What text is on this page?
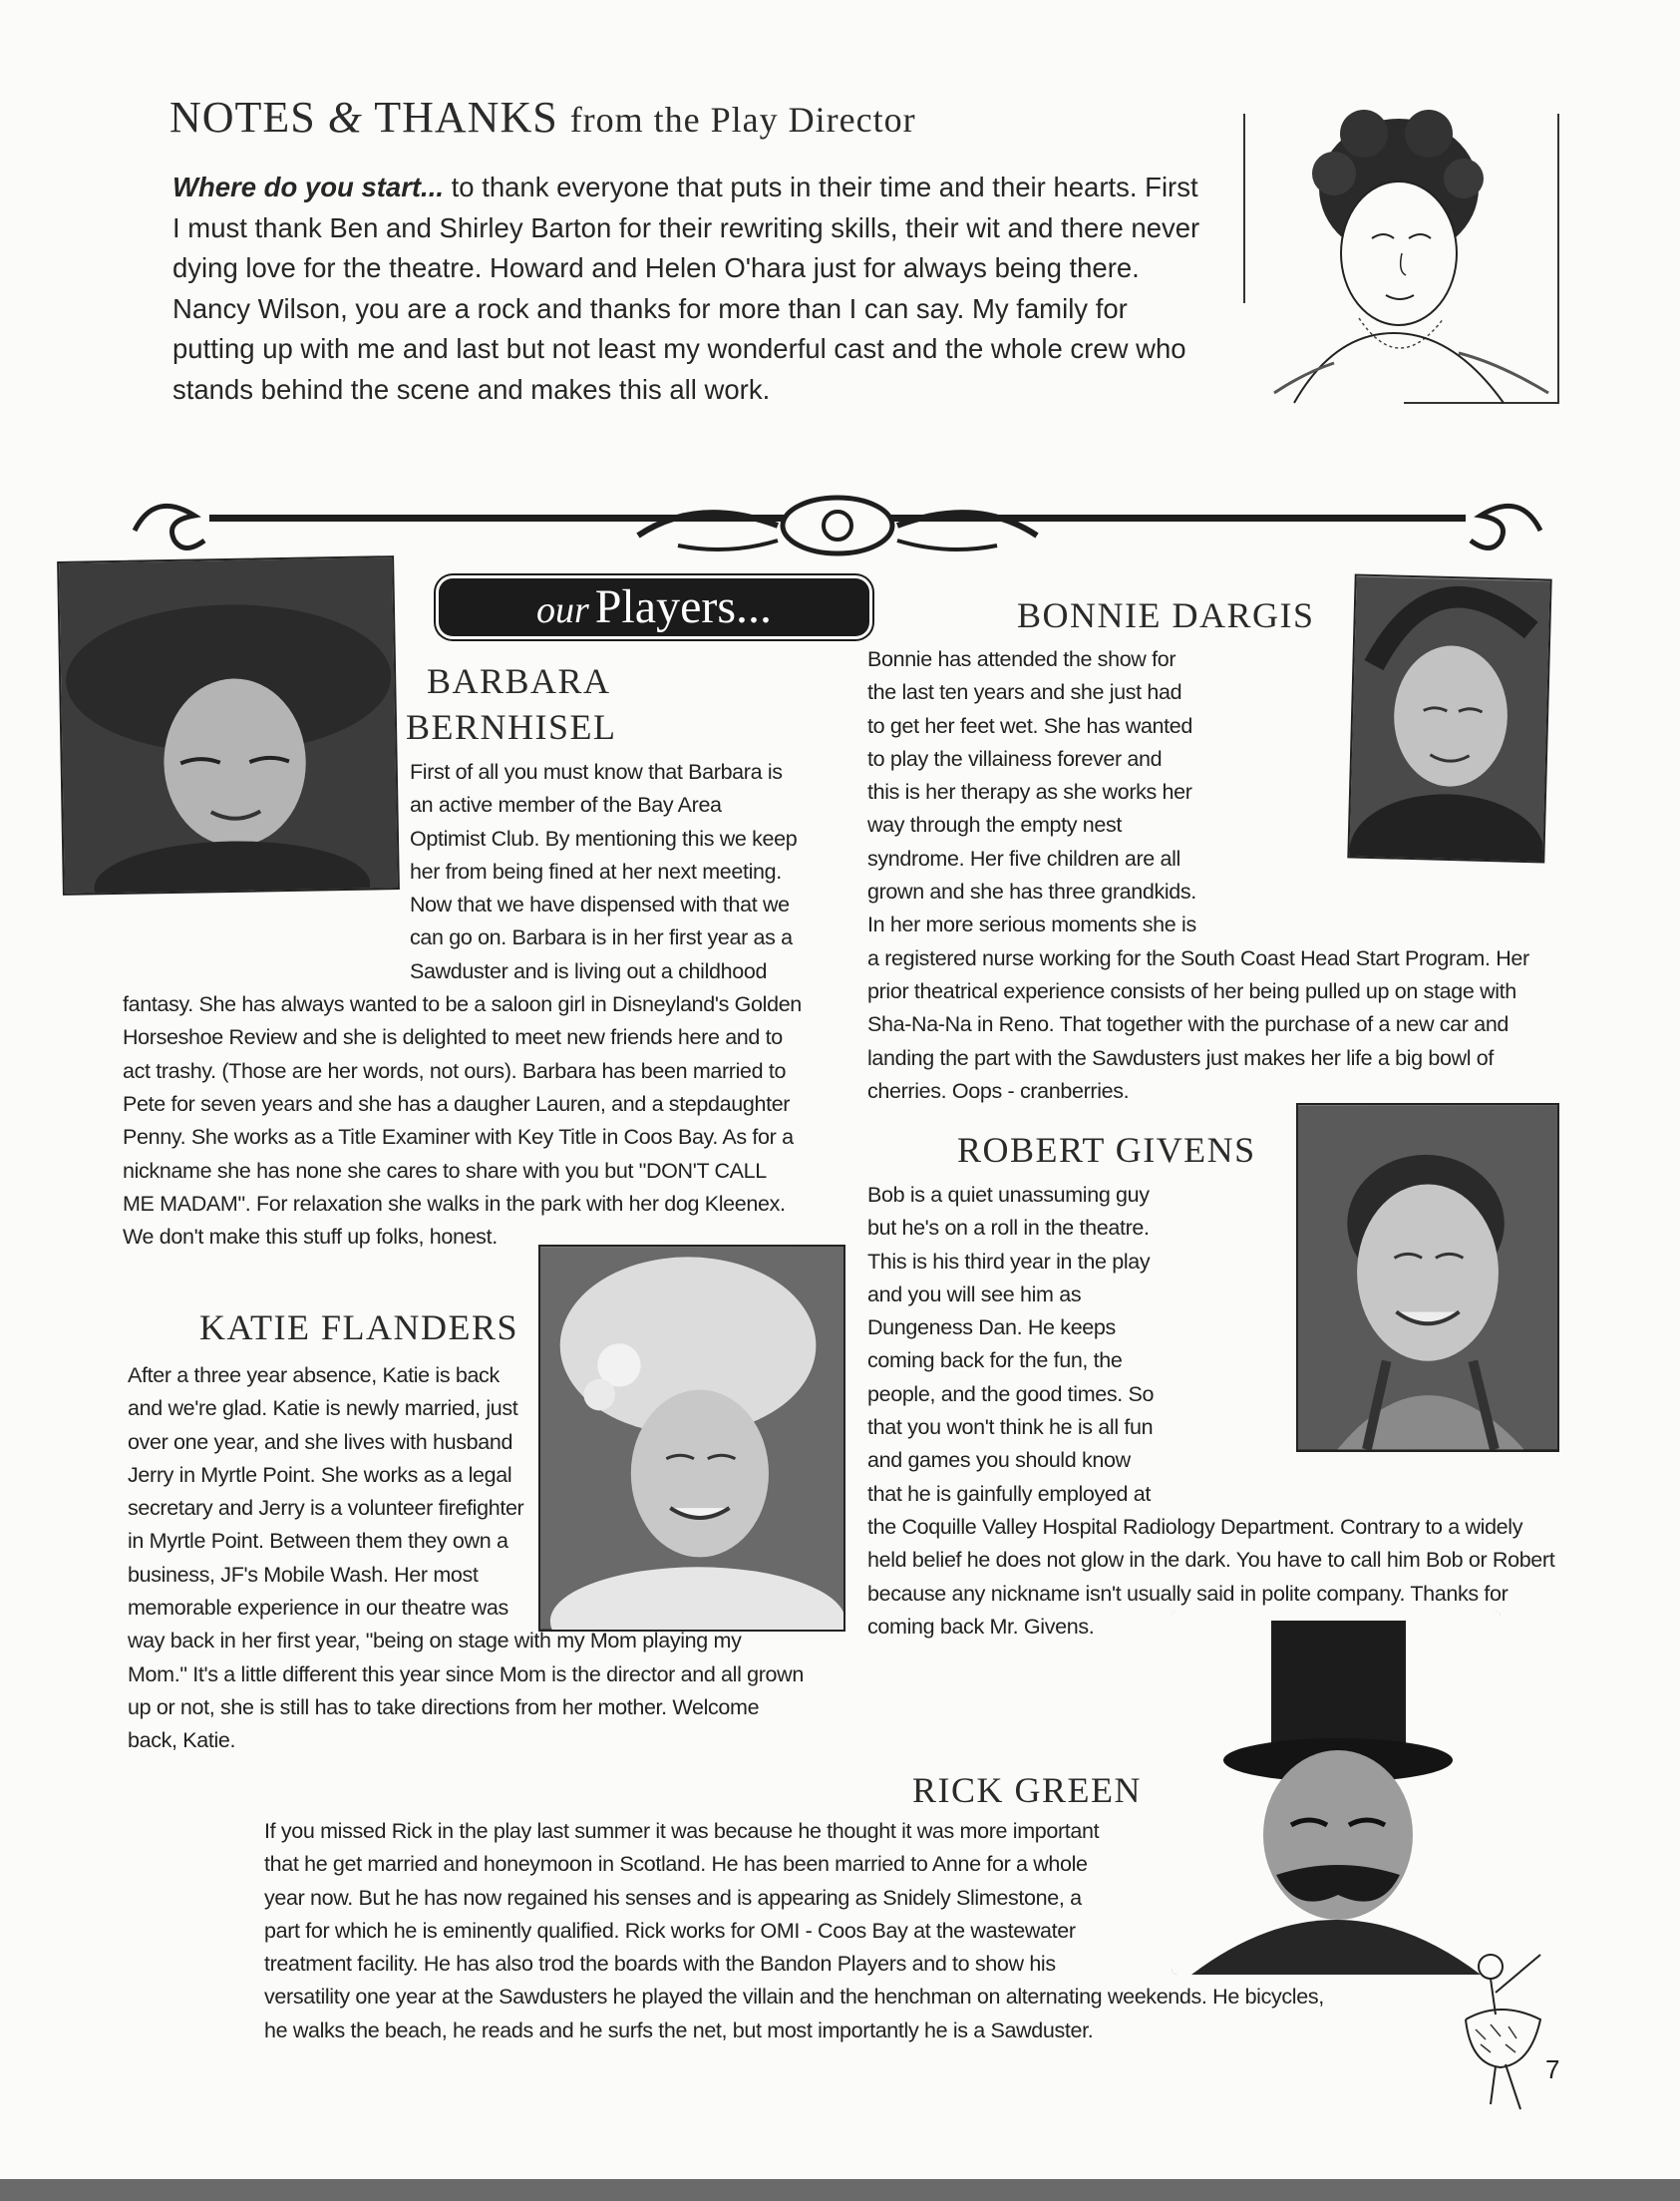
NOTES & THANKS from the Play Director
Where do you start... to thank everyone that puts in their time and their hearts. First I must thank Ben and Shirley Barton for their rewriting skills, their wit and there never dying love for the theatre. Howard and Helen O'hara just for always being there. Nancy Wilson, you are a rock and thanks for more than I can say. My family for putting up with me and last but not least my wonderful cast and the whole crew who stands behind the scene and makes this all work.
our Players...
BARBARA
BERNHISEL
First of all you must know that Barbara is an active member of the Bay Area Optimist Club. By mentioning this we keep her from being fined at her next meeting. Now that we have dispensed with that we can go on. Barbara is in her first year as a Sawduster and is living out a childhood fantasy. She has always wanted to be a saloon girl in Disneyland's Golden Horseshoe Review and she is delighted to meet new friends here and to act trashy. (Those are her words, not ours). Barbara has been married to Pete for seven years and she has a daugher Lauren, and a stepdaughter Penny. She works as a Title Examiner with Key Title in Coos Bay. As for a nickname she has none she cares to share with you but "DON'T CALL ME MADAM". For relaxation she walks in the park with her dog Kleenex. We don't make this stuff up folks, honest.
BONNIE DARGIS
Bonnie has attended the show for the last ten years and she just had to get her feet wet. She has wanted to play the villainess forever and this is her therapy as she works her way through the empty nest syndrome. Her five children are all grown and she has three grandkids. In her more serious moments she is a registered nurse working for the South Coast Head Start Program. Her prior theatrical experience consists of her being pulled up on stage with Sha-Na-Na in Reno. That together with the purchase of a new car and landing the part with the Sawdusters just makes her life a big bowl of cherries. Oops - cranberries.
ROBERT GIVENS
Bob is a quiet unassuming guy but he's on a roll in the theatre. This is his third year in the play and you will see him as Dungeness Dan. He keeps coming back for the fun, the people, and the good times. So that you won't think he is all fun and games you should know that he is gainfully employed at the Coquille Valley Hospital Radiology Department. Contrary to a widely held belief he does not glow in the dark. You have to call him Bob or Robert because any nickname isn't usually said in polite company. Thanks for coming back Mr. Givens.
KATIE FLANDERS
After a three year absence, Katie is back and we're glad. Katie is newly married, just over one year, and she lives with husband Jerry in Myrtle Point. She works as a legal secretary and Jerry is a volunteer firefighter in Myrtle Point. Between them they own a business, JF's Mobile Wash. Her most memorable experience in our theatre was way back in her first year, "being on stage with my Mom playing my Mom." It's a little different this year since Mom is the director and all grown up or not, she is still has to take directions from her mother. Welcome back, Katie.
RICK GREEN
If you missed Rick in the play last summer it was because he thought it was more important that he get married and honeymoon in Scotland. He has been married to Anne for a whole year now. But he has now regained his senses and is appearing as Snidely Slimestone, a part for which he is eminently qualified. Rick works for OMI - Coos Bay at the wastewater treatment facility. He has also trod the boards with the Bandon Players and to show his versatility one year at the Sawdusters he played the villain and the henchman on alternating weekends. He bicycles, he walks the beach, he reads and he surfs the net, but most importantly he is a Sawduster.
7
